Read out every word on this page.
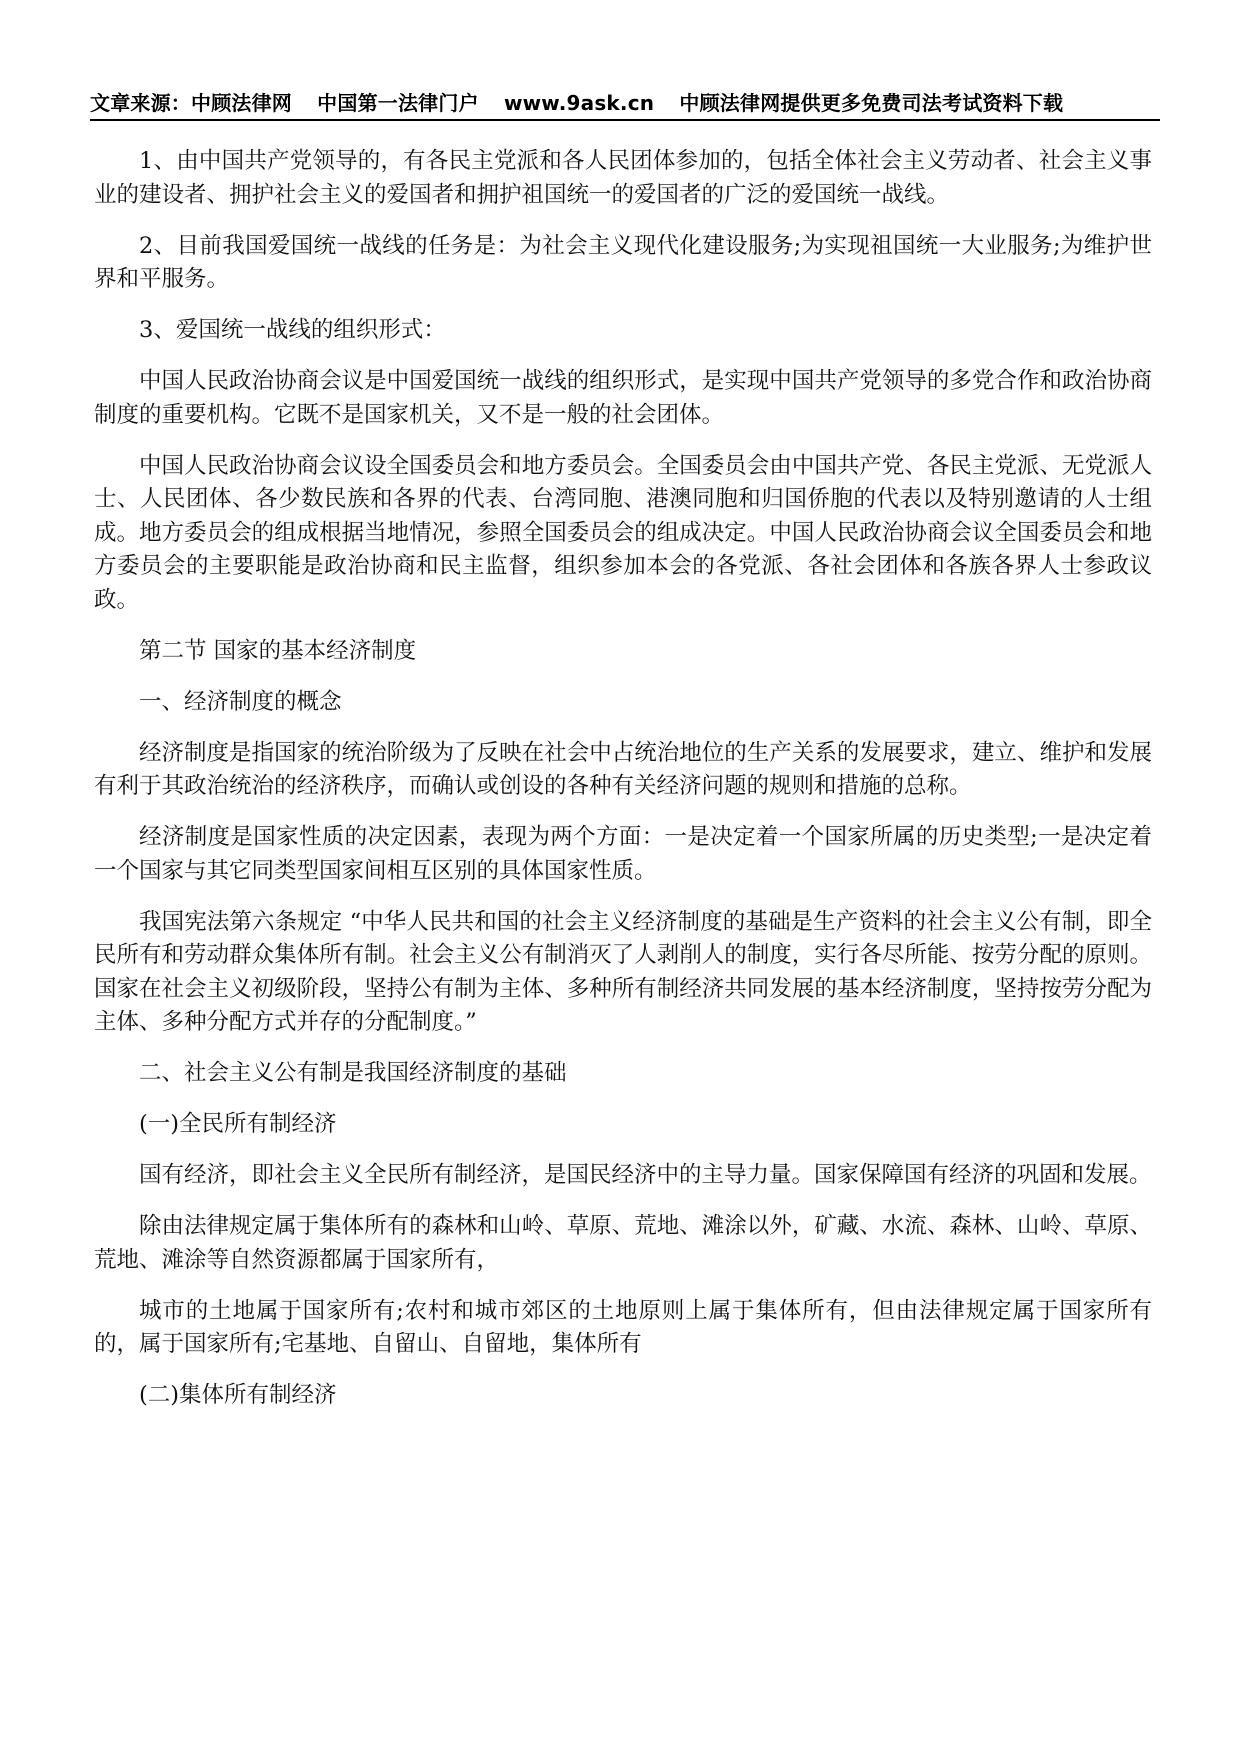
文章来源：中顾法律网 中国第一法律门户 www.9ask.cn 中顾法律网提供更多免费司法考试资料下载

1、由中国共产党领导的，有各民主党派和各人民团体参加的，包括全体社会主义劳动者、社会主义事业的建设者、拥护社会主义的爱国者和拥护祖国统一的爱国者的广泛的爱国统一战线。

2、目前我国爱国统一战线的任务是：为社会主义现代化建设服务;为实现祖国统一大业服务;为维护世界和平服务。

3、爱国统一战线的组织形式：

中国人民政治协商会议是中国爱国统一战线的组织形式，是实现中国共产党领导的多党合作和政治协商制度的重要机构。它既不是国家机关，又不是一般的社会团体。

中国人民政治协商会议设全国委员会和地方委员会。全国委员会由中国共产党、各民主党派、无党派人士、人民团体、各少数民族和各界的代表、台湾同胞、港澳同胞和归国侨胞的代表以及特别邀请的人士组成。地方委员会的组成根据当地情况，参照全国委员会的组成决定。中国人民政治协商会议全国委员会和地方委员会的主要职能是政治协商和民主监督，组织参加本会的各党派、各社会团体和各族各界人士参政议政。

第二节 国家的基本经济制度

一、经济制度的概念

经济制度是指国家的统治阶级为了反映在社会中占统治地位的生产关系的发展要求，建立、维护和发展有利于其政治统治的经济秩序，而确认或创设的各种有关经济问题的规则和措施的总称。

经济制度是国家性质的决定因素，表现为两个方面：一是决定着一个国家所属的历史类型;一是决定着一个国家与其它同类型国家间相互区别的具体国家性质。

我国宪法第六条规定 “中华人民共和国的社会主义经济制度的基础是生产资料的社会主义公有制，即全民所有和劳动群众集体所有制。社会主义公有制消灭了人剥削人的制度，实行各尽所能、按劳分配的原则。国家在社会主义初级阶段，坚持公有制为主体、多种所有制经济共同发展的基本经济制度，坚持按劳分配为主体、多种分配方式并存的分配制度。”

二、社会主义公有制是我国经济制度的基础

(一)全民所有制经济

国有经济，即社会主义全民所有制经济，是国民经济中的主导力量。国家保障国有经济的巩固和发展。

除由法律规定属于集体所有的森林和山岭、草原、荒地、滩涂以外，矿藏、水流、森林、山岭、草原、荒地、滩涂等自然资源都属于国家所有，

城市的土地属于国家所有;农村和城市郊区的土地原则上属于集体所有，但由法律规定属于国家所有的，属于国家所有;宅基地、自留山、自留地，集体所有

(二)集体所有制经济
